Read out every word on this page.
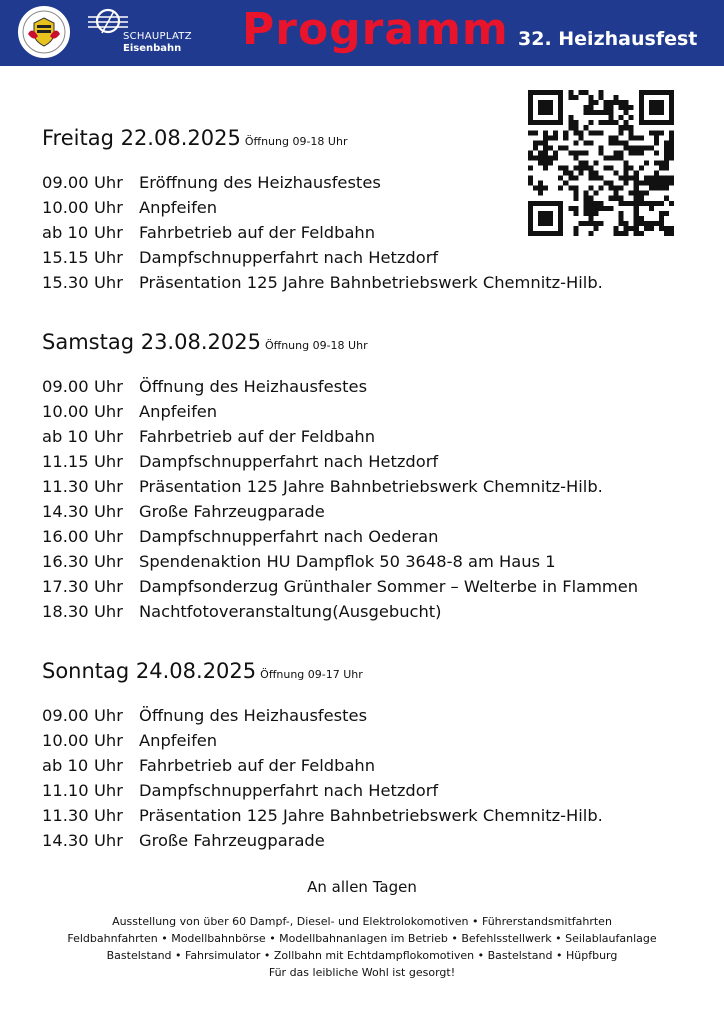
SCHAUPLATZ
Eisenbahn Programm 32. Heizhausfest
Freitag 22.08.2025 Öffnung 09-18 Uhr
09.00 Uhr Eröffnung des Heizhausfestes
10.00 Uhr Anpfeifen
ab 10 Uhr Fahrbetrieb auf der Feldbahn
15.15 Uhr Dampfschnupperfahrt nach Hetzdorf
15.30 Uhr Präsentation 125 Jahre Bahnbetriebswerk Chemnitz-Hilb.
Samstag 23.08.2025 Öffnung 09-18 Uhr
09.00 Uhr Öffnung des Heizhausfestes
10.00 Uhr Anpfeifen
ab 10 Uhr Fahrbetrieb auf der Feldbahn
11.15 Uhr Dampfschnupperfahrt nach Hetzdorf
11.30 Uhr Präsentation 125 Jahre Bahnbetriebswerk Chemnitz-Hilb.
14.30 Uhr Große Fahrzeugparade
16.00 Uhr Dampfschnupperfahrt nach Oederan
16.30 Uhr Spendenaktion HU Dampflok 50 3648-8 am Haus 1
17.30 Uhr Dampfsonderzug Grünthaler Sommer – Welterbe in Flammen
18.30 Uhr Nachtfotoveranstaltung(Ausgebucht)
Sonntag 24.08.2025 Öffnung 09-17 Uhr
09.00 Uhr Öffnung des Heizhausfestes
10.00 Uhr Anpfeifen
ab 10 Uhr Fahrbetrieb auf der Feldbahn
11.10 Uhr Dampfschnupperfahrt nach Hetzdorf
11.30 Uhr Präsentation 125 Jahre Bahnbetriebswerk Chemnitz-Hilb.
14.30 Uhr Große Fahrzeugparade
An allen Tagen
Ausstellung von über 60 Dampf-, Diesel- und Elektrolokomotiven • Führerstandsmitfahrten
Feldbahnfahrten • Modellbahnbörse • Modellbahnanlagen im Betrieb • Befehlsstellwerk • Seilablaufanlage
Bastelstand • Fahrsimulator • Zollbahn mit Echtdampflokomotiven • Bastelstand • Hüpfburg
Für das leibliche Wohl ist gesorgt!
